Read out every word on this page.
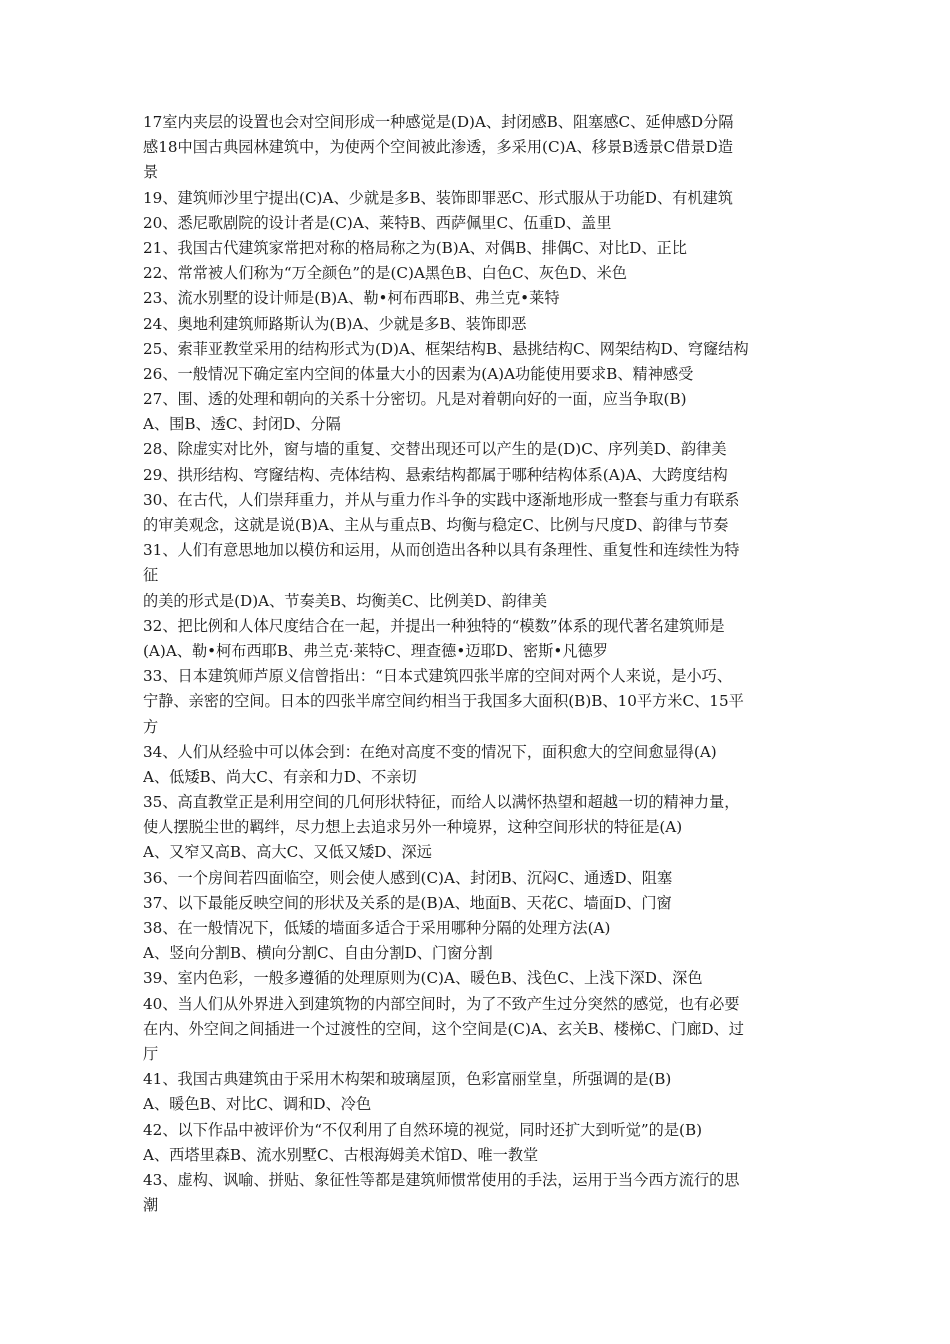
17室内夹层的设置也会对空间形成一种感觉是(D)A、封闭感B、阻塞感C、延伸感D分隔
感18中国古典园林建筑中，为使两个空间被此渗透，多采用(C)A、移景B透景C借景D造
景
19、建筑师沙里宁提出(C)A、少就是多B、装饰即罪恶C、形式服从于功能D、有机建筑
20、悉尼歌剧院的设计者是(C)A、莱特B、西萨佩里C、伍重D、盖里
21、我国古代建筑家常把对称的格局称之为(B)A、对偶B、排偶C、对比D、正比
22、常常被人们称为“万全颜色”的是(C)A黑色B、白色C、灰色D、米色
23、流水别墅的设计师是(B)A、勒•柯布西耶B、弗兰克•莱特
24、奥地利建筑师路斯认为(B)A、少就是多B、装饰即恶
25、索菲亚教堂采用的结构形式为(D)A、框架结构B、悬挑结构C、网架结构D、穹窿结构
26、一般情况下确定室内空间的体量大小的因素为(A)A功能使用要求B、精神感受
27、围、透的处理和朝向的关系十分密切。凡是对着朝向好的一面，应当争取(B)
A、围B、透C、封闭D、分隔
28、除虚实对比外，窗与墙的重复、交替出现还可以产生的是(D)C、序列美D、韵律美
29、拱形结构、穹窿结构、壳体结构、悬索结构都属于哪种结构体系(A)A、大跨度结构
30、在古代，人们崇拜重力，并从与重力作斗争的实践中逐渐地形成一整套与重力有联系
的审美观念，这就是说(B)A、主从与重点B、均衡与稳定C、比例与尺度D、韵律与节奏
31、人们有意思地加以模仿和运用，从而创造出各种以具有条理性、重复性和连续性为特
征
的美的形式是(D)A、节奏美B、均衡美C、比例美D、韵律美
32、把比例和人体尺度结合在一起，并提出一种独特的“模数”体系的现代著名建筑师是
(A)A、勒•柯布西耶B、弗兰克·莱特C、理查德•迈耶D、密斯•凡德罗
33、日本建筑师芦原义信曾指出：“日本式建筑四张半席的空间对两个人来说，是小巧、
宁静、亲密的空间。日本的四张半席空间约相当于我国多大面积(B)B、10平方米C、15平
方
34、人们从经验中可以体会到：在绝对高度不变的情况下，面积愈大的空间愈显得(A)
A、低矮B、尚大C、有亲和力D、不亲切
35、高直教堂正是利用空间的几何形状特征，而给人以满怀热望和超越一切的精神力量，
使人摆脱尘世的羁绊，尽力想上去追求另外一种境界，这种空间形状的特征是(A)
A、又窄又高B、高大C、又低又矮D、深远
36、一个房间若四面临空，则会使人感到(C)A、封闭B、沉闷C、通透D、阻塞
37、以下最能反映空间的形状及关系的是(B)A、地面B、天花C、墙面D、门窗
38、在一般情况下，低矮的墙面多适合于采用哪种分隔的处理方法(A)
A、竖向分割B、横向分割C、自由分割D、门窗分割
39、室内色彩，一般多遵循的处理原则为(C)A、暖色B、浅色C、上浅下深D、深色
40、当人们从外界进入到建筑物的内部空间时，为了不致产生过分突然的感觉，也有必要
在内、外空间之间插进一个过渡性的空间，这个空间是(C)A、玄关B、楼梯C、门廊D、过
厅
41、我国古典建筑由于采用木构架和玻璃屋顶，色彩富丽堂皇，所强调的是(B)
A、暖色B、对比C、调和D、冷色
42、以下作品中被评价为“不仅利用了自然环境的视觉，同时还扩大到听觉”的是(B)
A、西塔里森B、流水别墅C、古根海姆美术馆D、唯一教堂
43、虚构、讽喻、拼贴、象征性等都是建筑师惯常使用的手法，运用于当今西方流行的思
潮
